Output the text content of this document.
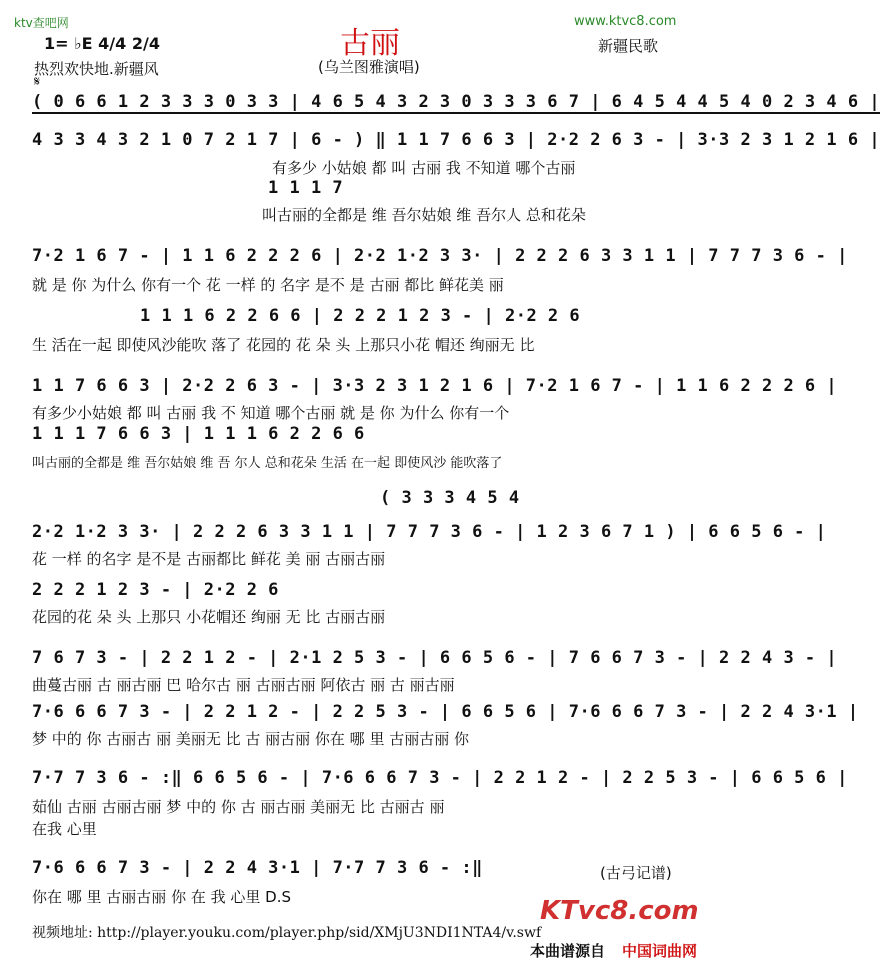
ktv查吧网	www.ktvc8.com
1= ♭E 4/4 2/4	古丽	新疆民歌
热烈欢快地.新疆风	(乌兰图雅演唱)
𝄋
( 0 6 6 1 2 3 3 3 0 3 3 | 4 6 5 4 3 2 3 0 3 3 3 6 7 | 6 4 5 4 4 5 4 0 2 3 4 6 |
4 3 3 4 3 2 1 0 7 2 1 7 | 6 - ) ‖ 1 1 7 6 6 3 | 2·2 2 6 3 - | 3·3 2 3 1 2 1 6 |
有多少 小姑娘 都 叫 古丽 我 不知道 哪个古丽
1 1 1 7
叫古丽的全都是 维 吾尔姑娘 维 吾尔人 总和花朵
7·2 1 6 7 - | 1 1 6 2 2 2 6 | 2·2 1·2 3 3· | 2 2 2 6 3 3 1 1 | 7 7 7 3 6 - |
就 是 你 为什么 你有一个 花 一样 的 名字 是不 是 古丽 都比 鲜花美 丽
1 1 1 6 2 2 6 6 | 2 2 2 1 2 3 - | 2·2 2 6
生 活在一起 即使风沙能吹 落了 花园的 花 朵 头 上那只小花 帽还 绚丽无 比
1 1 7 6 6 3 | 2·2 2 6 3 - | 3·3 2 3 1 2 1 6 | 7·2 1 6 7 - | 1 1 6 2 2 2 6 |
有多少小姑娘 都 叫 古丽 我 不 知道 哪个古丽 就 是 你 为什么 你有一个
1 1 1 7 6 6 3 | 1 1 1 6 2 2 6 6
叫古丽的全都是 维 吾尔姑娘 维 吾 尔人 总和花朵 生活 在一起 即使风沙 能吹落了
( 3 3 3 4 5 4
2·2 1·2 3 3· | 2 2 2 6 3 3 1 1 | 7 7 7 3 6 - | 1 2 3 6 7 1 ) | 6 6 5 6 - |
花 一样 的名字 是不是 古丽都比 鲜花 美 丽 古丽古丽
2 2 2 1 2 3 - | 2·2 2 6
花园的花 朵 头 上那只 小花帽还 绚丽 无 比 古丽古丽
7 6 7 3 - | 2 2 1 2 - | 2·1 2 5 3 - | 6 6 5 6 - | 7 6 6 7 3 - | 2 2 4 3 - |
曲蔓古丽 古 丽古丽 巴 哈尔古 丽 古丽古丽 阿依古 丽 古 丽古丽
7·6 6 6 7 3 - | 2 2 1 2 - | 2 2 5 3 - | 6 6 5 6 | 7·6 6 6 7 3 - | 2 2 4 3·1 |
梦 中的 你 古丽古 丽 美丽无 比 古 丽古丽 你在 哪 里 古丽古丽 你
7·7 7 3 6 - :‖ 6 6 5 6 - | 7·6 6 6 7 3 - | 2 2 1 2 - | 2 2 5 3 - | 6 6 5 6 |
茹仙 古丽 古丽古丽 梦 中的 你 古 丽古丽 美丽无 比 古丽古 丽
在我 心里
7·6 6 6 7 3 - | 2 2 4 3·1 | 7·7 7 3 6 - :‖
你在 哪 里 古丽古丽 你 在 我 心里 D.S
(古弓记谱)
KTvc8.com
视频地址: http://player.youku.com/player.php/sid/XMjU3NDI1NTA4/v.swf
本曲谱源自 中国词曲网
